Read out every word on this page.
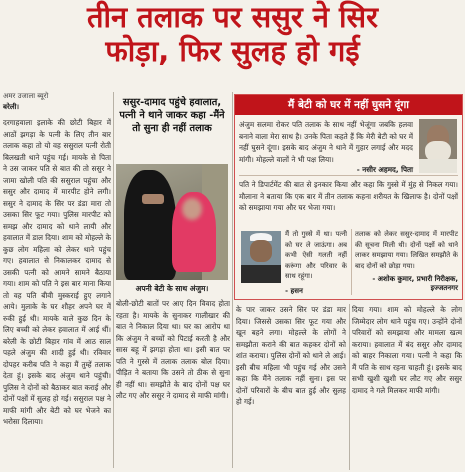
तीन तलाक पर ससुर ने सिर
फोड़ा, फिर सुलह हो गई
अमर उजाला ब्यूरो
बरेली।
दरगाहवाला इलाके की छोटी बिहार में आठों झगड़ा के पत्नी के लिए तीन बार तलाक कहा तो यो वह ससुराल पत्नी रोती बिलखती थाने पहुंच गई। मायके से पिता ने उस जाकर पति से बात की तो ससुर ने जामा खोली पति की ससुराल पहुंचा और ससुर और दामाद में मारपीट होने लगी। ससुर ने दामाद के सिर पर डंडा मारा तो उसका सिर फूट गया। पुलिस मारपीट को समझ और दामाद को थाने लायी और हवालात में डाल दिया। शाम को मोहल्ले के कुछ लोग महिला को लेकर थाने पहुंच गए। हवालात से निकालकर दामाद से उसकी पत्नी को आमने सामने बैठाया गया। शाम को पति ने इस बार माना किया तो वह पति बीवी मुस्कराई हुए लगाने आये। मुलाके के घर शौहर अपने घर में रुकी हुई थी। मायके वाले कुछ दिन के लिए बच्ची को लेकर हवालात में आई थीं। बरेली के छोटी बिहार गांव में आठ साल पहले अंजुम की शादी हुई थी। रविवार दोपहर करीब पति ने कहा मैं तुम्हें तलाक देता हूं। इसके बाद अंजुम थाने पहुंची। पुलिस ने दोनों को बैठाकर बात कराई और दोनों पक्षों में सुलह हो गई। ससुराल पक्ष ने माफी मांगी और बेटी को घर भेजने का भरोसा दिलाया।
ससुर-दामाद पहुंचे हवालात, पत्नी ने थाने जाकर कहा -मैंने तो सुना ही नहीं तलाक
अपनी बेटी के साथ अंजुम।
बोली-छोटी बातों पर आए दिन विवाद होता रहता है। मायके के सुनाकर गालीखार की बात ने निकाल दिया था। घर का आरोप था कि अंजुम ने बच्चों को पिटाई करती है और सास बहू में झगड़ा होता था। इसी बात पर पति ने गुस्से में तलाक तलाक बोल दिया। पीड़ित ने बताया कि उसने तो ठीक से सुना ही नहीं था। समझौते के बाद दोनों पक्ष घर लौट गए और ससुर ने दामाद से माफी मांगी।
मैं बेटी को घर में नहीं घुसने दूंगा
अंजुम सलमा रोकर पति तलाक के साथ नहीं भेजूंगा जबकि हलवा बनाने वाला मेरा साथ है। उनके पिता कहते हैं कि मेरी बेटी को घर में नहीं घुसने दूंगा। इसके बाद अंजुम ने थाने में गुहार लगाई और मदद मांगी। मोहल्ले वालों ने भी पक्ष लिया।
- नसीर अहमद, पिता
पति ने डिपार्टमेंट की बात से इनकार किया और कहा कि गुस्से में मुंह से निकल गया। मौलाना ने बताया कि एक बार में तीन तलाक कहना शरीयत के खिलाफ है। दोनों पक्षों को समझाया गया और घर भेजा गया।
मैं तो गुस्से में था। पत्नी को घर ले जाऊंगा। अब कभी ऐसी गलती नहीं करूंगा और परिवार के साथ रहूंगा।
- हसन
तलाक को लेकर ससुर-दामाद में मारपीट की सूचना मिली थी। दोनों पक्षों को थाने लाकर समझाया गया। लिखित समझौते के बाद दोनों को छोड़ा गया।
- अशोक कुमार, प्रभारी निरीक्षक, इज्जतनगर
के पार जाकर उसने सिर पर डंडा मार दिया। जिससे उसका सिर फूट गया और खून बहने लगा। मोहल्ले के लोगों ने समझौता कराने की बात कहकर दोनों को शांत कराया। पुलिस दोनों को थाने ले आई। इसी बीच महिला भी पहुंच गई और उसने कहा कि मैंने तलाक नहीं सुना। इस पर दोनों परिवारों के बीच बात हुई और सुलह हो गई।
दिया गया। शाम को मोहल्ले के लोग जिम्मेदार लोग थाने पहुंच गए। उन्होंने दोनों परिवारों को समझाया और मामला खत्म कराया। हवालात में बंद ससुर और दामाद को बाहर निकाला गया। पत्नी ने कहा कि मैं पति के साथ रहना चाहती हूं। इसके बाद सभी खुशी खुशी घर लौट गए और ससुर दामाद ने गले मिलकर माफी मांगी।
